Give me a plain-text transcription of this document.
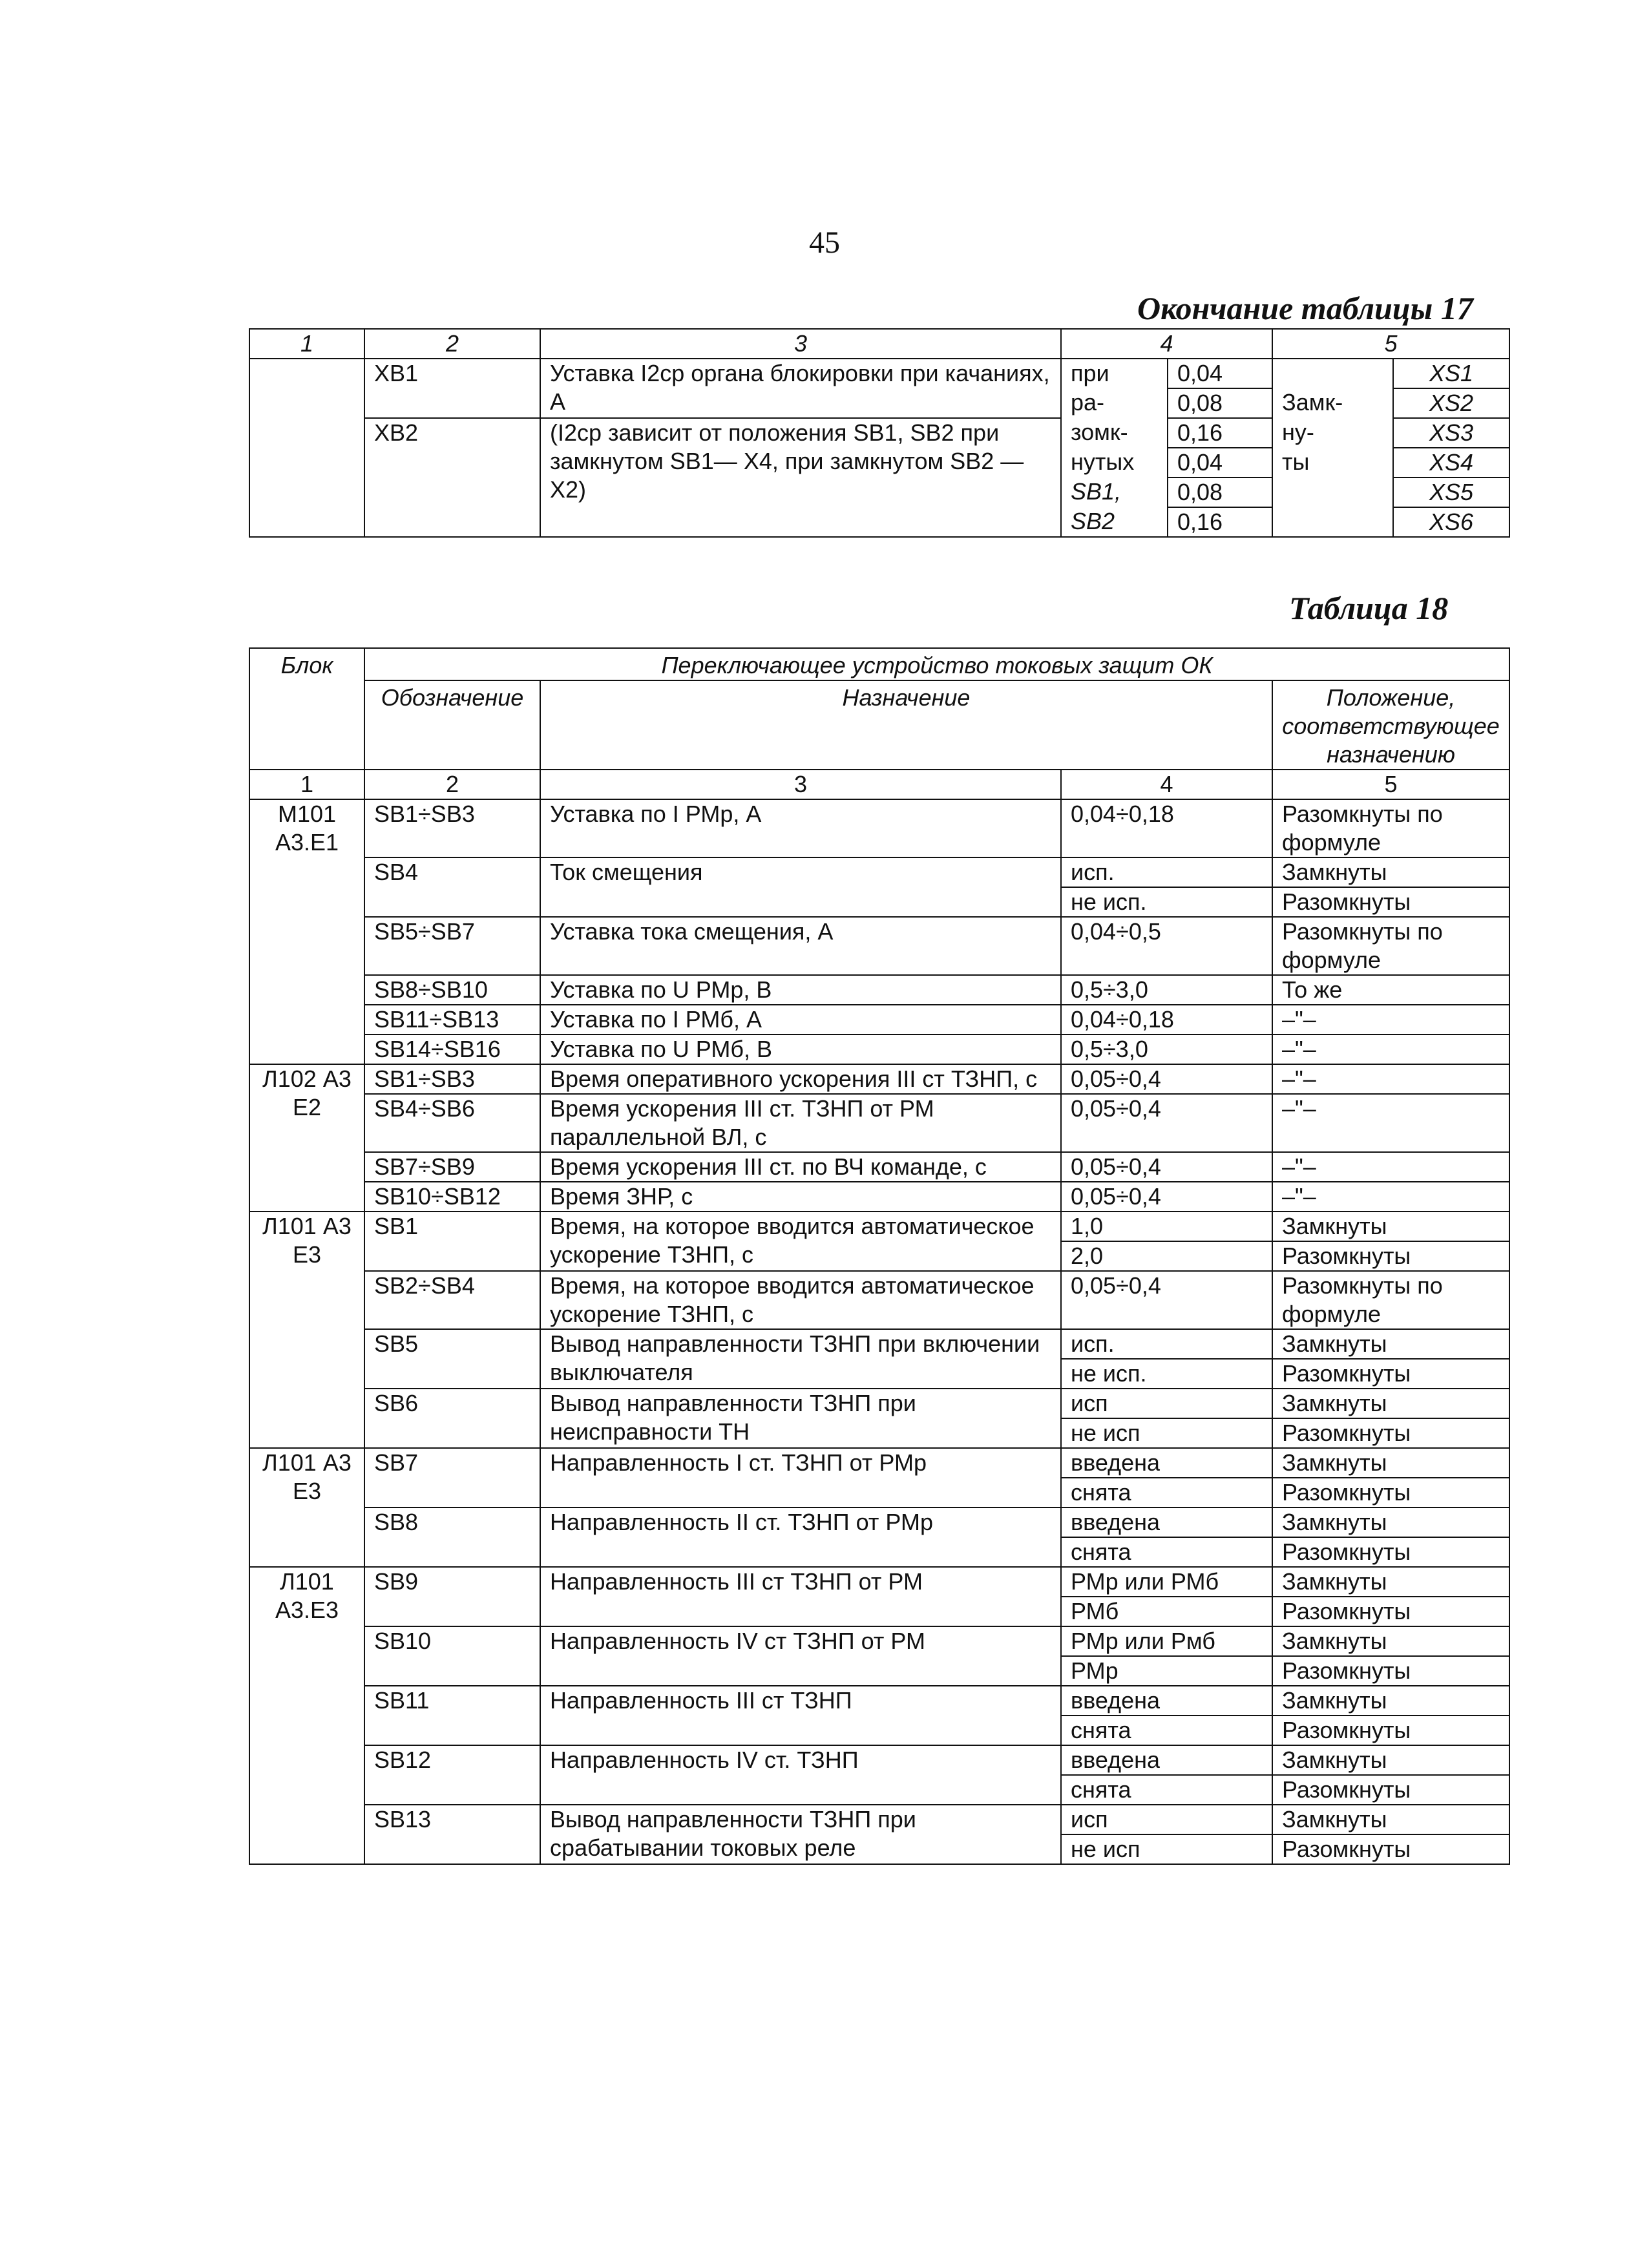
45
Окончание таблицы 17
1	2	3	4		5	
	ХВ1	Уставка I2ср органа блокировки при качаниях, А	при	0,04		XS1
			ра-	0,08	Замк-	XS2
	ХВ2	(I2ср зависит от положения SB1, SB2 при замкнутом SB1— Х4, при замкнутом SB2 — Х2)	зомк-	0,16	ну-	XS3
			нутых	0,04	ты	XS4
			SB1,	0,08		XS5
			SB2	0,16		XS6
Таблица 18
Блок	Переключающее устройство токовых защит ОК			
	Обозначение	Назначение		Положение, соответствующее назначению
1	2	3	4	5
М101 А3.Е1	SB1÷SB3	Уставка по I РМр, А	0,04÷0,18	Разомкнуты по формуле
	SB4	Ток смещения	исп.	Замкнуты
			не исп.	Разомкнуты
	SB5÷SB7	Уставка тока смещения, А	0,04÷0,5	Разомкнуты по формуле
	SB8÷SB10	Уставка по U РМр, В	0,5÷3,0	То же
	SB11÷SB13	Уставка по I РМб, А	0,04÷0,18	–"–
	SB14÷SB16	Уставка по U РМб, В	0,5÷3,0	–"–
Л102 А3 Е2	SB1÷SB3	Время оперативного ускорения III ст ТЗНП, с	0,05÷0,4	–"–
	SB4÷SB6	Время ускорения III ст. ТЗНП от РМ параллельной ВЛ, с	0,05÷0,4	–"–
	SB7÷SB9	Время ускорения III ст. по ВЧ команде, с	0,05÷0,4	–"–
	SB10÷SB12	Время ЗНР, с	0,05÷0,4	–"–
Л101 А3 Е3	SB1	Время, на которое вводится автоматическое ускорение ТЗНП, с	1,0	Замкнуты
			2,0	Разомкнуты
	SB2÷SB4	Время, на которое вводится автоматическое ускорение ТЗНП, с	0,05÷0,4	Разомкнуты по формуле
	SB5	Вывод направленности ТЗНП при включении выключателя	исп.	Замкнуты
			не исп.	Разомкнуты
	SB6	Вывод направленности ТЗНП при неисправности ТН	исп	Замкнуты
			не исп	Разомкнуты
Л101 А3 Е3	SB7	Направленность I ст. ТЗНП от РМр	введена	Замкнуты
			снята	Разомкнуты
	SB8	Направленность II ст. ТЗНП от РМр	введена	Замкнуты
			снята	Разомкнуты
Л101 А3.Е3	SB9	Направленность III ст ТЗНП от РМ	РМр или РМб	Замкнуты
			РМб	Разомкнуты
	SB10	Направленность IV ст ТЗНП от РМ	РМр или Рмб	Замкнуты
			РМр	Разомкнуты
	SB11	Направленность III ст ТЗНП	введена	Замкнуты
			снята	Разомкнуты
	SB12	Направленность IV ст. ТЗНП	введена	Замкнуты
			снята	Разомкнуты
	SB13	Вывод направленности ТЗНП при срабатывании токовых реле	исп	Замкнуты
			не исп	Разомкнуты
